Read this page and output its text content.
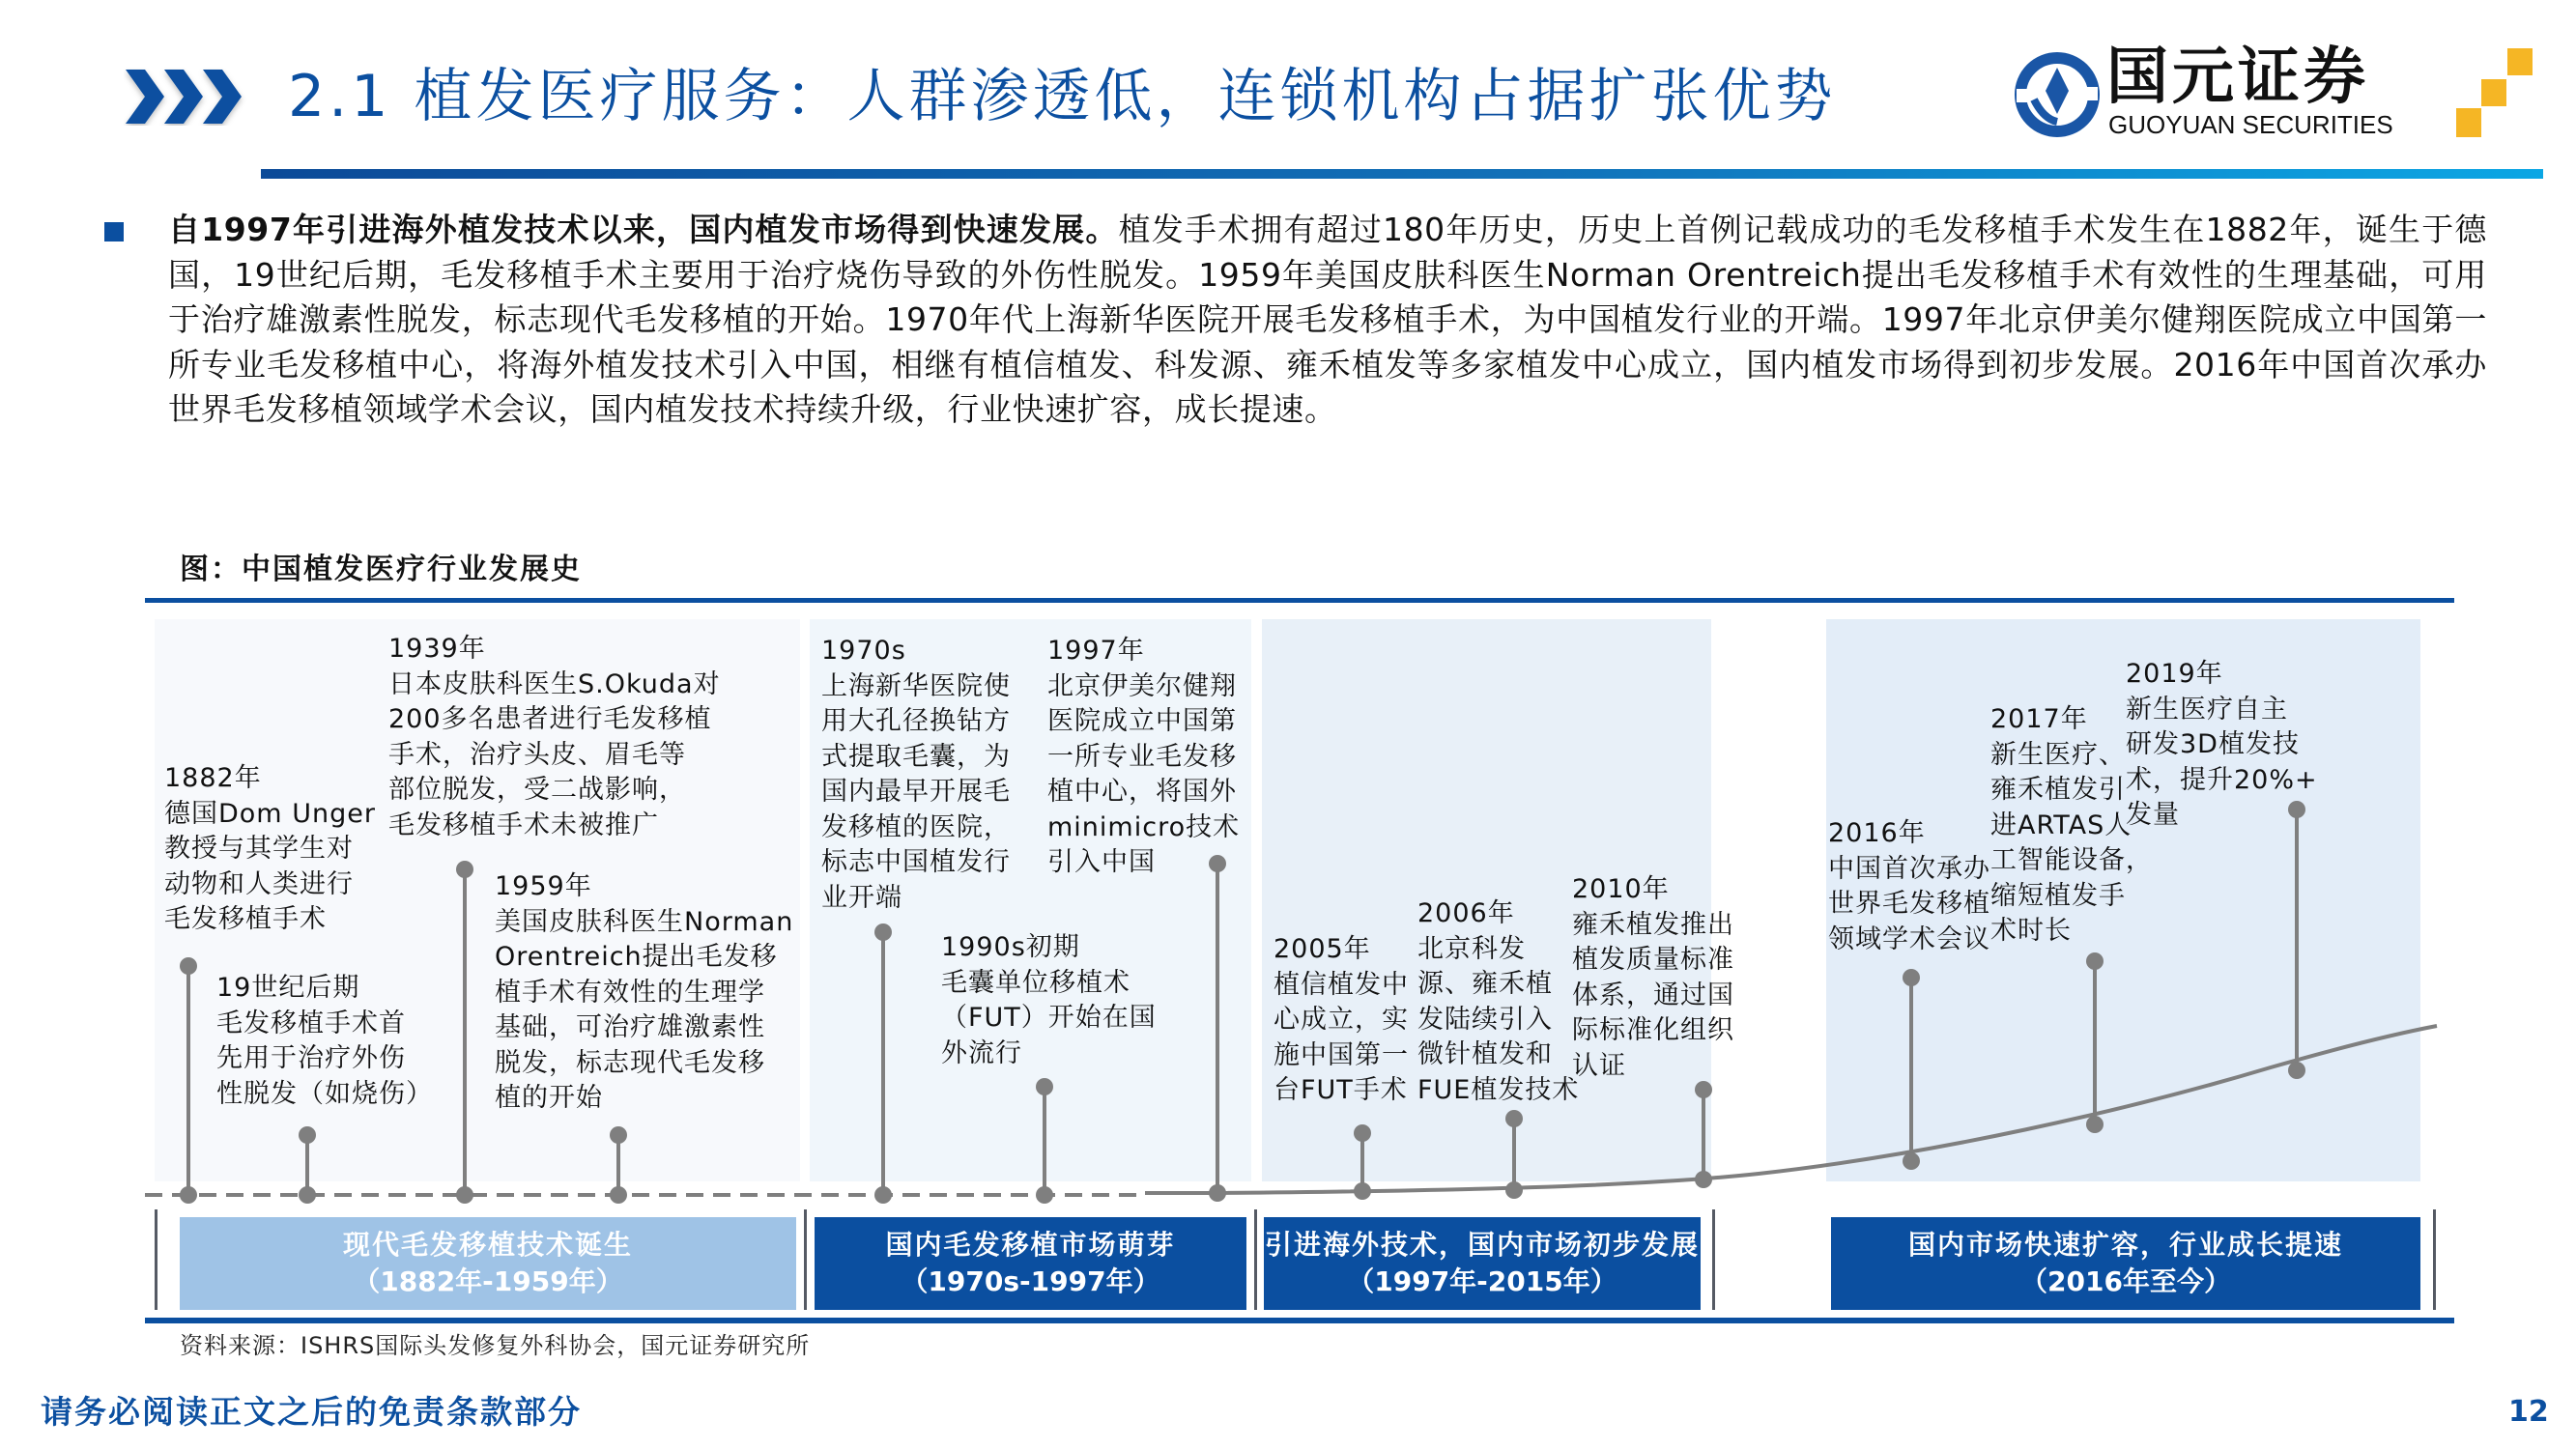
2.1 植发医疗服务：人群渗透低，连锁机构占据扩张优势	国元证券
GUOYUAN SECURITIES
自1997年引进海外植发技术以来，国内植发市场得到快速发展。植发手术拥有超过180年历史，历史上首例记载成功的毛发移植手术发生在1882年，诞生于德国，19世纪后期，毛发移植手术主要用于治疗烧伤导致的外伤性脱发。1959年美国皮肤科医生Norman Orentreich提出毛发移植手术有效性的生理基础，可用于治疗雄激素性脱发，标志现代毛发移植的开始。1970年代上海新华医院开展毛发移植手术，为中国植发行业的开端。1997年北京伊美尔健翔医院成立中国第一所专业毛发移植中心，将海外植发技术引入中国，相继有植信植发、科发源、雍禾植发等多家植发中心成立，国内植发市场得到初步发展。2016年中国首次承办世界毛发移植领域学术会议，国内植发技术持续升级，行业快速扩容，成长提速。
图：中国植发医疗行业发展史
1882年
德国Dom Unger
教授与其学生对
动物和人类进行
毛发移植手术
19世纪后期
毛发移植手术首
先用于治疗外伤
性脱发（如烧伤）
1939年
日本皮肤科医生S.Okuda对
200多名患者进行毛发移植
手术，治疗头皮、眉毛等
部位脱发，受二战影响，
毛发移植手术未被推广
1959年
美国皮肤科医生Norman
Orentreich提出毛发移
植手术有效性的生理学
基础，可治疗雄激素性
脱发，标志现代毛发移
植的开始
1970s
上海新华医院使
用大孔径换钻方
式提取毛囊，为
国内最早开展毛
发移植的医院，
标志中国植发行
业开端
1990s初期
毛囊单位移植术
（FUT）开始在国
外流行
1997年
北京伊美尔健翔
医院成立中国第
一所专业毛发移
植中心，将国外
minimicro技术
引入中国
2005年
植信植发中
心成立，实
施中国第一
台FUT手术
2006年
北京科发
源、雍禾植
发陆续引入
微针植发和
FUE植发技术
2010年
雍禾植发推出
植发质量标准
体系，通过国
际标准化组织
认证
2016年
中国首次承办
世界毛发移植
领域学术会议
2017年
新生医疗、
雍禾植发引
进ARTAS人
工智能设备，
缩短植发手
术时长
2019年
新生医疗自主
研发3D植发技
术，提升20%+
发量
现代毛发移植技术诞生
（1882年-1959年）
国内毛发移植市场萌芽
（1970s-1997年）
引进海外技术，国内市场初步发展
（1997年-2015年）
国内市场快速扩容，行业成长提速
（2016年至今）
资料来源：ISHRS国际头发修复外科协会，国元证券研究所
请务必阅读正文之后的免责条款部分	12
